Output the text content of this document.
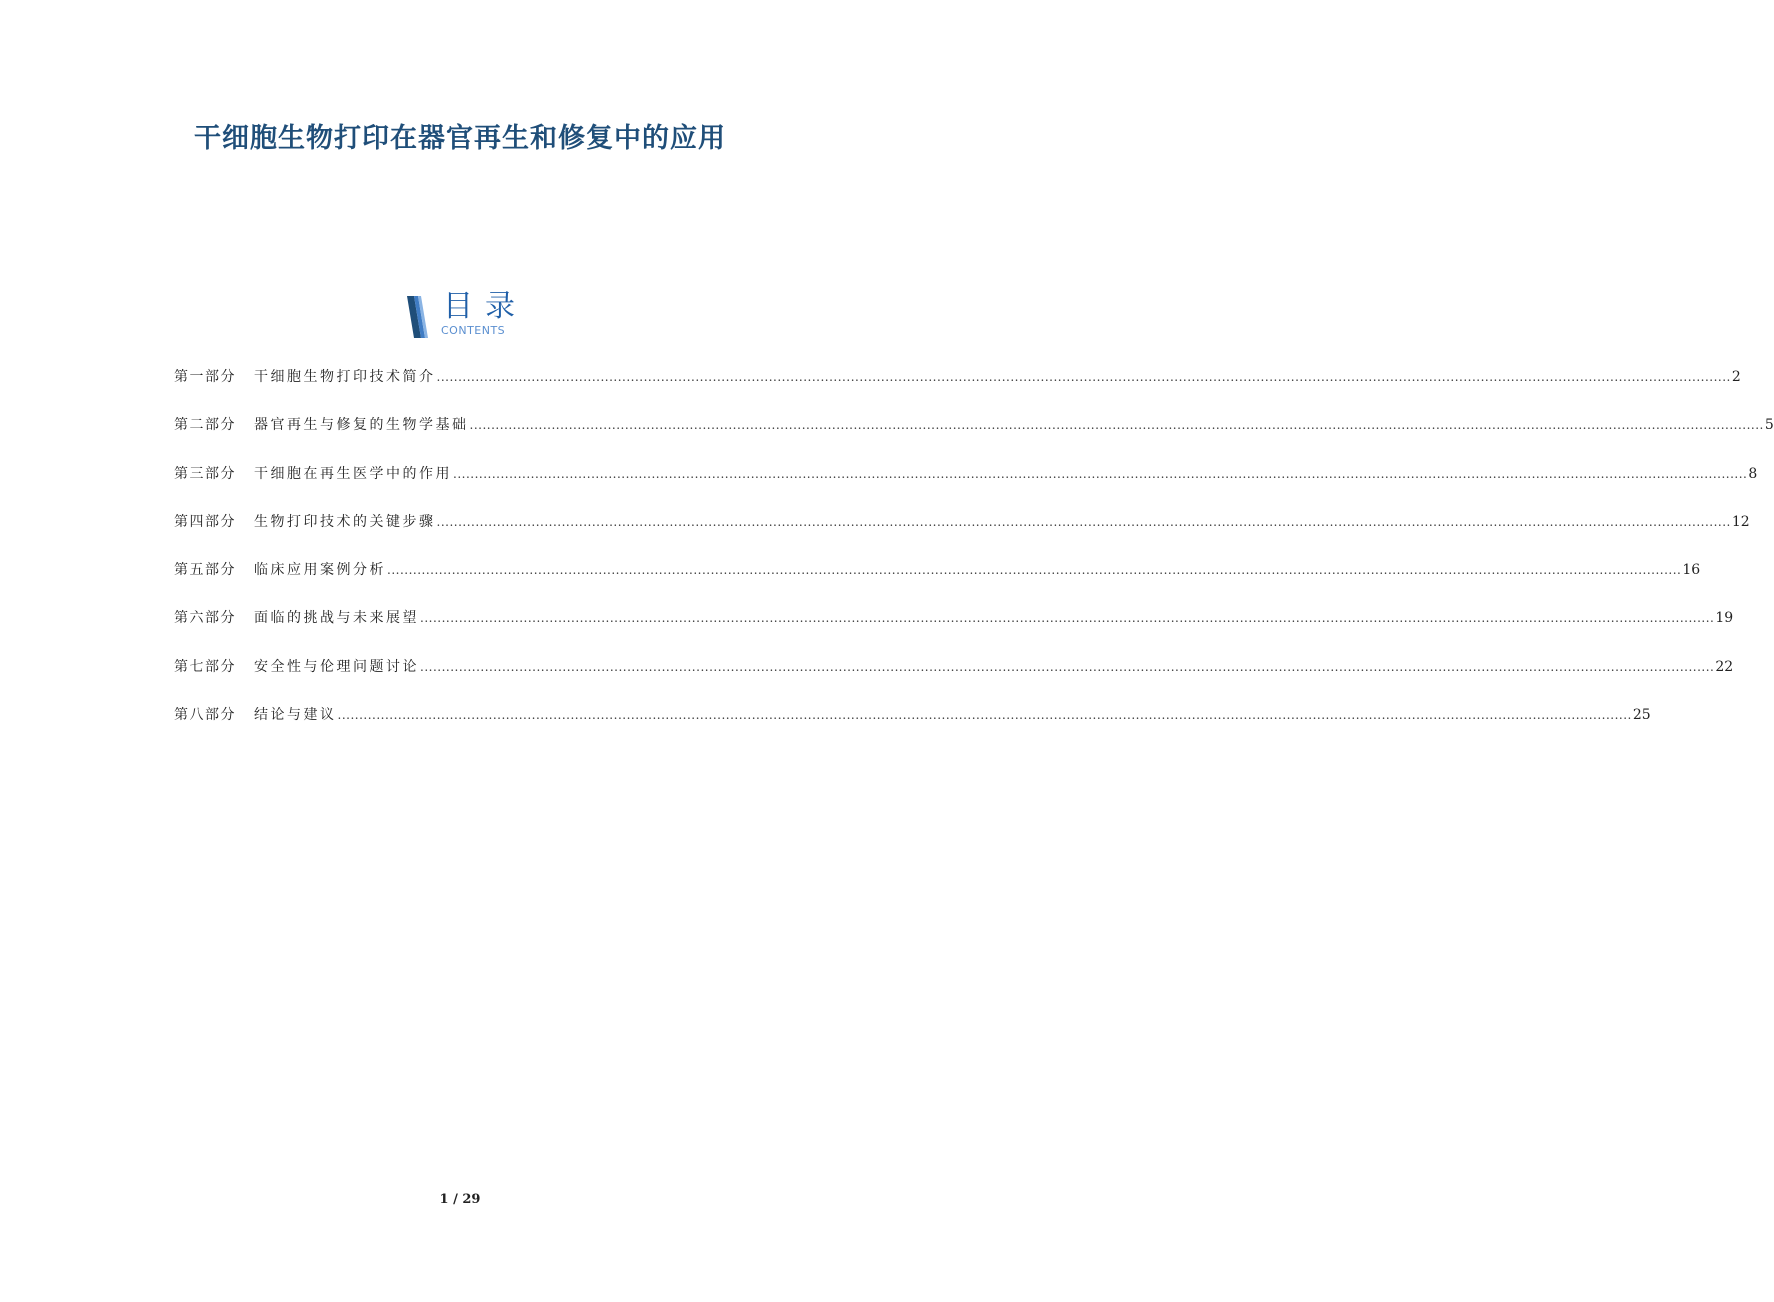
干细胞生物打印在器官再生和修复中的应用
目录
CONTENTS
第一部分	干细胞生物打印技术简介 ............................................................................................................................................................................................................................................................................................................ 2
第二部分	器官再生与修复的生物学基础 ............................................................................................................................................................................................................................................................................................................ 5
第三部分	干细胞在再生医学中的作用 ............................................................................................................................................................................................................................................................................................................ 8
第四部分	生物打印技术的关键步骤 ............................................................................................................................................................................................................................................................................................................ 12
第五部分	临床应用案例分析 ............................................................................................................................................................................................................................................................................................................ 16
第六部分	面临的挑战与未来展望 ............................................................................................................................................................................................................................................................................................................ 19
第七部分	安全性与伦理问题讨论 ............................................................................................................................................................................................................................................................................................................ 22
第八部分	结论与建议 ............................................................................................................................................................................................................................................................................................................ 25
1 / 29
